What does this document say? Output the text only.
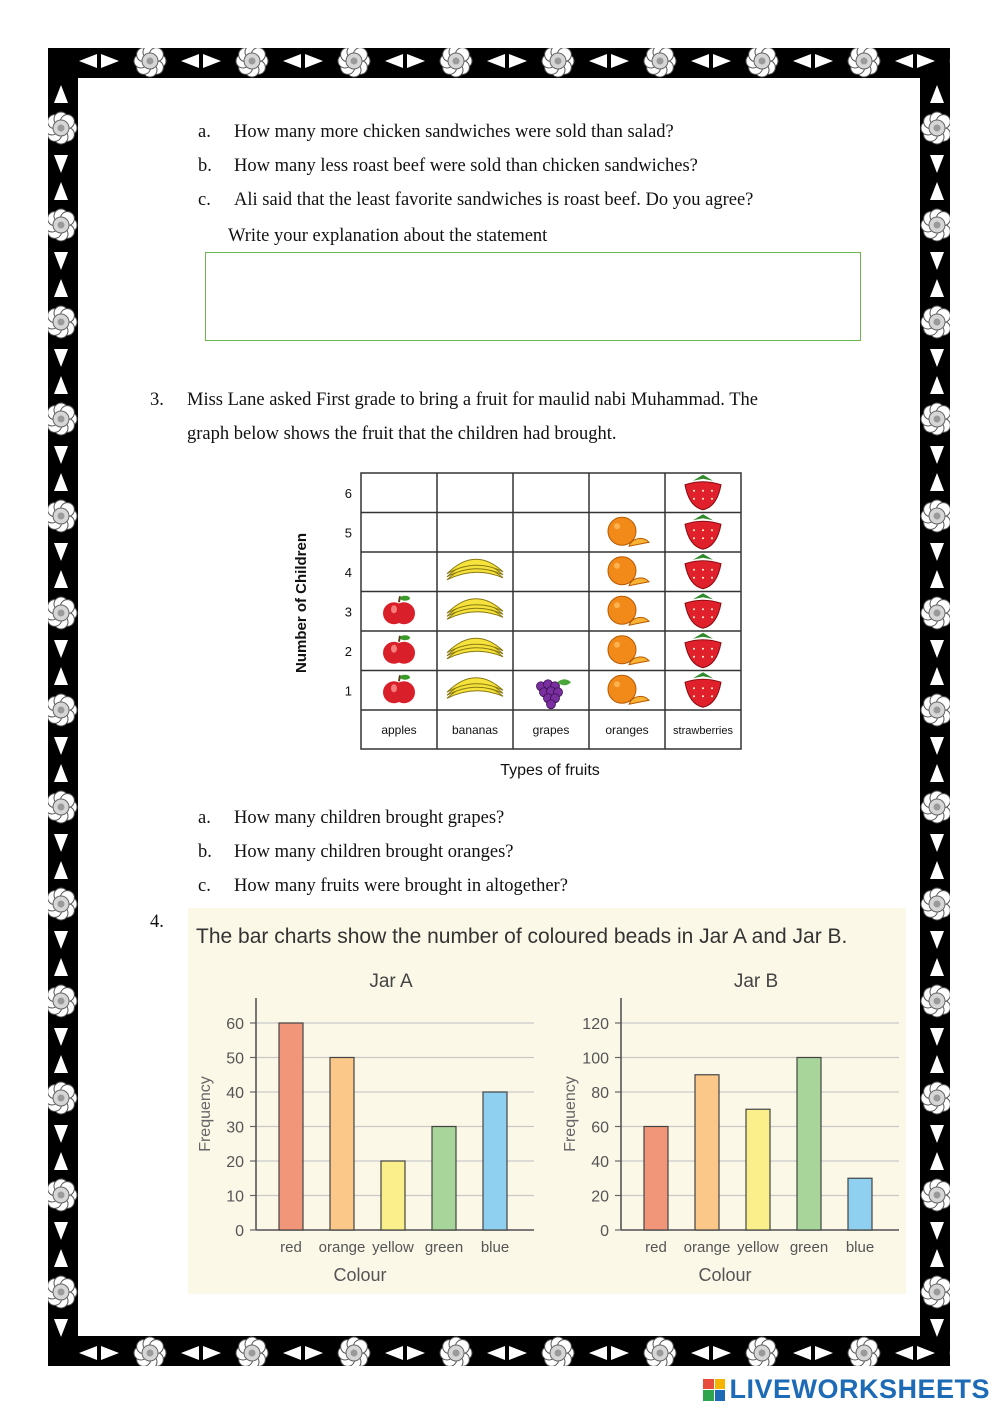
a. How many more chicken sandwiches were sold than salad?
b. How many less roast beef were sold than chicken sandwiches?
c. Ali said that the least favorite sandwiches is roast beef. Do you agree?
Write your explanation about the statement
3. Miss Lane asked First grade to bring a fruit for maulid nabi Muhammad. The
graph below shows the fruit that the children had brought.
Number of Children
Types of fruits
1
2
3
4
5
6
apples	bananas	grapes	oranges strawberries
a. How many children brought grapes?
b. How many children brought oranges?
c. How many fruits were brought in altogether?
4.
The bar charts show the number of coloured beads in Jar A and Jar B.
Jar A
0
10
20
30
40
50
60
red orange yellow green blue
Colour
Frequency
Jar B
0
20
40
60
80
100
120
red orange yellow green blue
Colour
Frequency
LIVEWORKSHEETS
